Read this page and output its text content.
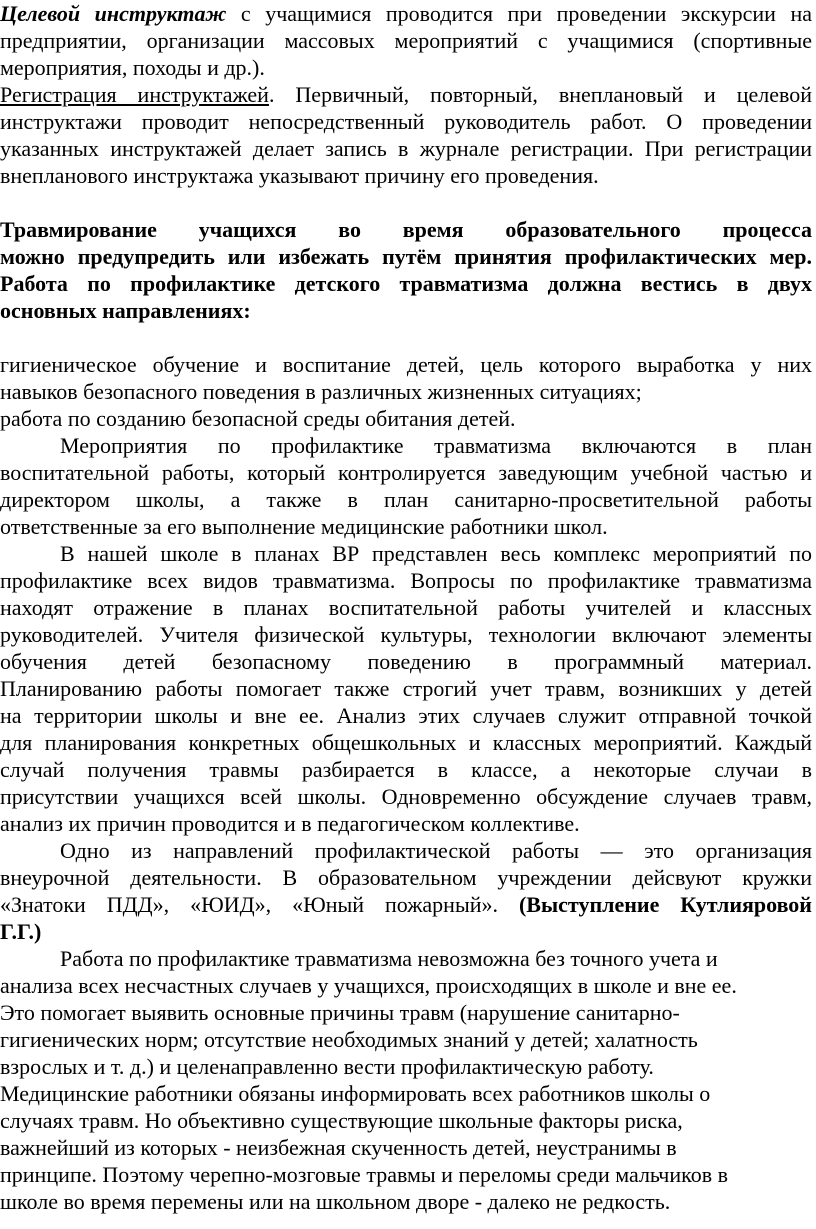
Целевой инструктаж с учащимися проводится при проведении экскурсии на

предприятии, организации массовых мероприятий с учащимися (спортивные

мероприятия, походы и др.).

Регистрация инструктажей. Первичный, повторный, внеплановый и целевой

инструктажи проводит непосредственный руководитель работ. О проведении

указанных инструктажей делает запись в журнале регистрации. При регистрации

внепланового инструктажа указывают причину его проведения.

Травмирование учащихся во время образовательного процесса

можно предупредить или избежать путём принятия профилактических мер.

Работа по профилактике детского травматизма должна вестись в двух

основных направлениях:

гигиеническое обучение и воспитание детей, цель которого выработка у них

навыков безопасного поведения в различных жизненных ситуациях;

работа по созданию безопасной среды обитания детей.

Мероприятия по профилактике травматизма включаются в план

воспитательной работы, который контролируется заведующим учебной частью и

директором школы, а также в план санитарно-просветительной работы

ответственные за его выполнение медицинские работники школ.

В нашей школе в планах ВР представлен весь комплекс мероприятий по

профилактике всех видов травматизма. Вопросы по профилактике травматизма

находят отражение в планах воспитательной работы учителей и классных

руководителей. Учителя физической культуры, технологии включают элементы

обучения детей безопасному поведению в программный материал.

Планированию работы помогает также строгий учет травм, возникших у детей

на территории школы и вне ее. Анализ этих случаев служит отправной точкой

для планирования конкретных общешкольных и классных мероприятий. Каждый

случай получения травмы разбирается в классе, а некоторые случаи в

присутствии учащихся всей школы. Одновременно обсуждение случаев травм,

анализ их причин проводится и в педагогическом коллективе.

Одно из направлений профилактической работы — это организация

внеурочной деятельности. В образовательном учреждении дейсвуют кружки

«Знатоки ПДД», «ЮИД», «Юный пожарный». (Выступление Кутлияровой

Г.Г.)

Работа по профилактике травматизма невозможна без точного учета и

анализа всех несчастных случаев у учащихся, происходящих в школе и вне ее.

Это помогает выявить основные причины травм (нарушение санитарно-

гигиенических норм; отсутствие необходимых знаний у детей; халатность

взрослых и т. д.) и целенаправленно вести профилактическую работу.

Медицинские работники обязаны информировать всех работников школы о

случаях травм. Но объективно существующие школьные факторы риска,

важнейший из которых - неизбежная скученность детей, неустранимы в

принципе. Поэтому черепно-мозговые травмы и переломы среди мальчиков в

школе во время перемены или на школьном дворе - далеко не редкость.
